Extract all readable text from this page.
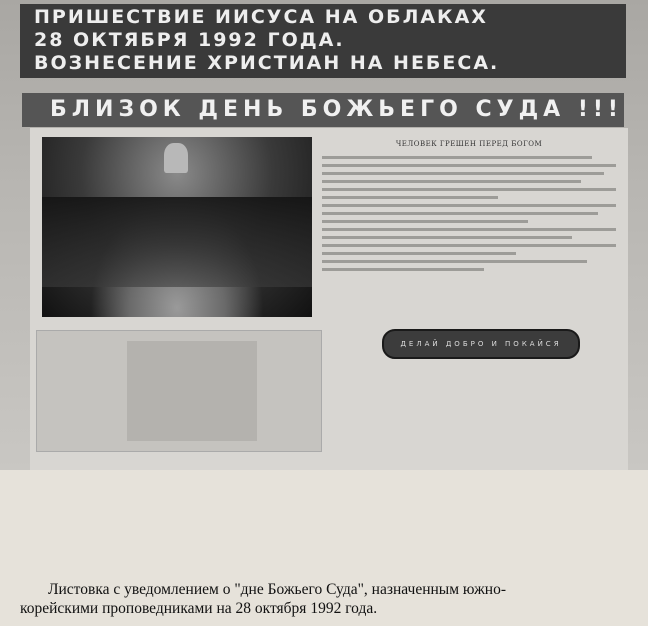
ПРИШЕСТВИЕ ИИСУСА НА ОБЛАКАХ
28 ОКТЯБРЯ 1992 ГОДА.
ВОЗНЕСЕНИЕ ХРИСТИАН НА НЕБЕСА.
БЛИЗОК ДЕНЬ БОЖЬЕГО СУДА !!!
ЧЕЛОВЕК ГРЕШЕН ПЕРЕД БОГОМ
ДЕЛАЙ ДОБРО И ПОКАЙСЯ
Листовка с уведомлением о "дне Божьего Суда", назначенным южно-
корейскими проповедниками на 28 октября 1992 года.
